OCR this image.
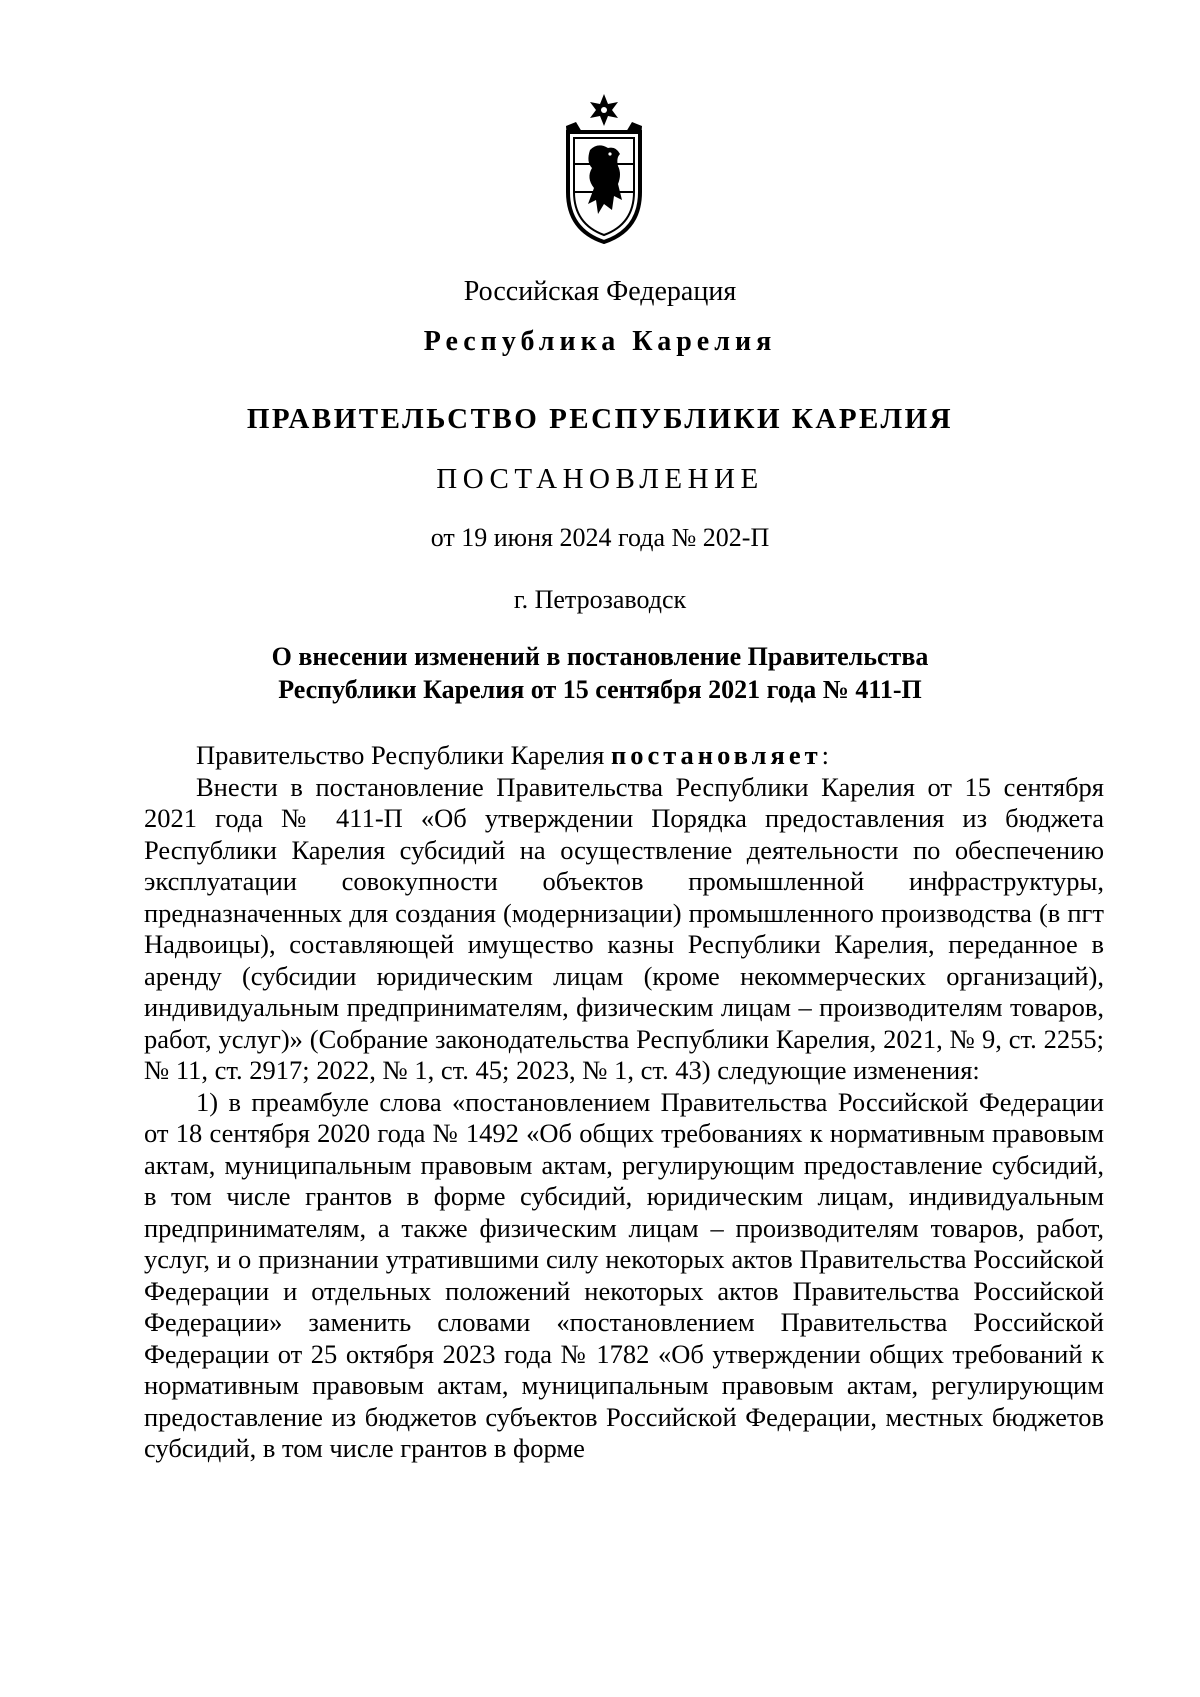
Российская Федерация
Республика Карелия
ПРАВИТЕЛЬСТВО РЕСПУБЛИКИ КАРЕЛИЯ
ПОСТАНОВЛЕНИЕ
от 19 июня 2024 года № 202-П
г. Петрозаводск
О внесении изменений в постановление Правительства
Республики Карелия от 15 сентября 2021 года № 411-П

Правительство Республики Карелия постановляет:

Внести в постановление Правительства Республики Карелия от 15 сентября 2021 года № 411-П «Об утверждении Порядка предоставления из бюджета Республики Карелия субсидий на осуществление деятельности по обеспечению эксплуатации совокупности объектов промышленной инфраструктуры, предназначенных для создания (модернизации) промышленного производства (в пгт Надвоицы), составляющей имущество казны Республики Карелия, переданное в аренду (субсидии юридическим лицам (кроме некоммерческих организаций), индивидуальным предпринимателям, физическим лицам – производителям товаров, работ, услуг)» (Собрание законодательства Республики Карелия, 2021, № 9, ст. 2255; № 11, ст. 2917; 2022, № 1, ст. 45; 2023, № 1, ст. 43) следующие изменения:

1) в преамбуле слова «постановлением Правительства Российской Федерации от 18 сентября 2020 года № 1492 «Об общих требованиях к нормативным правовым актам, муниципальным правовым актам, регулирующим предоставление субсидий, в том числе грантов в форме субсидий, юридическим лицам, индивидуальным предпринимателям, а также физическим лицам – производителям товаров, работ, услуг, и о признании утратившими силу некоторых актов Правительства Российской Федерации и отдельных положений некоторых актов Правительства Российской Федерации» заменить словами «постановлением Правительства Российской Федерации от 25 октября 2023 года № 1782 «Об утверждении общих требований к нормативным правовым актам, муниципальным правовым актам, регулирующим предоставление из бюджетов субъектов Российской Федерации, местных бюджетов субсидий, в том числе грантов в форме
